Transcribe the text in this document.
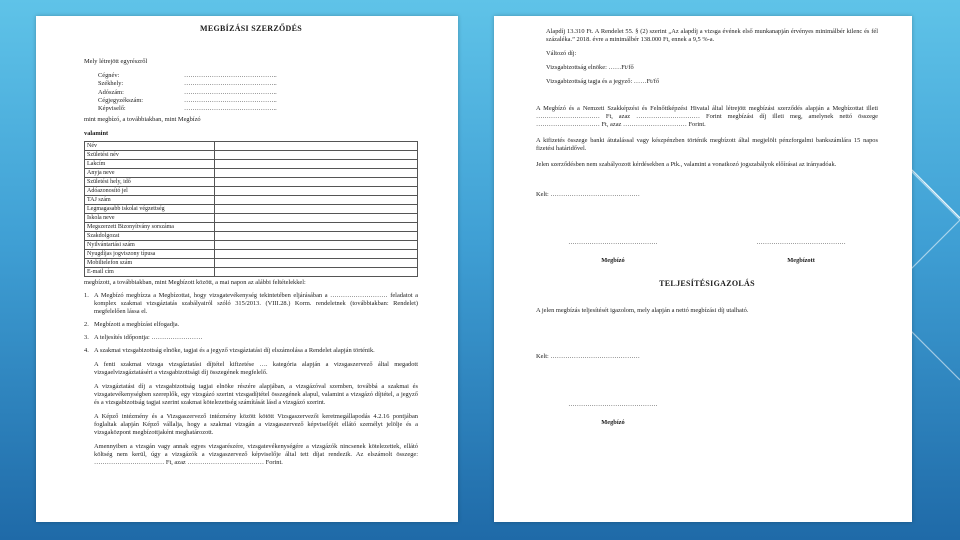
MEGBÍZÁSI SZERZŐDÉS
Mely létrejött egyrészről
Cégnév:	……………………………………..
Székhely:	……………………………………..
Adószám:	……………………………………..
Cégjegyzékszám:	……………………………………..
Képviselő:	……………………………………..
mint megbízó, a továbbiakban, mint Megbízó
valamint
Név	
Születési név	
Lakcím	
Anyja neve	
Születési hely, idő	
Adóazonosító jel	
TAJ szám	
Legmagasabb iskolai végzettség	
Iskola neve	
Megszerzett Bizonyítvány sorszáma	
Szakdolgozat	
Nyilvántartási szám	
Nyugdíjas jogviszony típusa	
Mobiltelefon szám	
E-mail cím	
megbízott, a továbbiakban, mint Megbízott között, a mai napon az alábbi feltételekkel:
1. A Megbízó megbízza a Megbízottat, hogy vizsgatevékenység tekintetében eljárásában a ……………………… feladatot a komplex szakmai vizsgáztatás szabályairól szóló 315/2013. (VIII.28.) Korm. rendeletnek (továbbiakban: Rendelet) megfelelően lássa el.
2. Megbízott a megbízást elfogadja.
3. A teljesítés időpontja: ……………………
4. A szakmai vizsgabizottság elnöke, tagjai és a jegyző vizsgáztatási díj elszámolása a Rendelet alapján történik.
A fenti szakmai vizsga vizsgáztatási díjtétel kifizetése …. kategória alapján a vizsgaszervező által megadott vizsgaelvizsgáztatásért a vizsgabizottsági díj összegének megfelelő.
A vizsgáztatási díj a vizsgabizottság tagjai elnöke részére alapjában, a vizsgázóval szemben, továbbá a szakmai és vizsgatevékenységben szereplők, egy vizsgázó szerint vizsgadíjtétel összegének alapul, valamint a vizsgázó díjtétel, a jegyző és a vizsgabizottság tagjai szerint szakmai kötelezettség számítását lásd a vizsgázó szerint.
A Képző intézmény és a Vizsgaszervező intézmény között kötött Vizsgaszervezői keretmegállapodás 4.2.16 pontjában foglaltak alapján Képző vállalja, hogy a szakmai vizsgán a vizsgaszervező képviselőjét ellátó személyt jelölje és a vizsgaközpont megbízottjaként meghatározott.
Amennyiben a vizsgán vagy annak egyes vizsgarészére, vizsgatevékenységére a vizsgázók nincsenek kötelezettek, ellátó költség nem kerül, úgy a vizsgázók a vizsgaszervező képviselője által tett díjat rendezik. Az elszámolt összege: …………………………… Ft, azaz ……………………………… Forint.
Alapdíj 13.310 Ft. A Rendelet 55. § (2) szerint „Az alapdíj a vizsga évének első munkanapján érvényes minimálbér kilenc és fél százaléka.” 2018. évre a minimálbér 138.000 Ft, ennek a 9,5 %-a.
Változó díj:
Vizsgabizottság elnöke: ……Ft/fő
Vizsgabizottság tagja és a jegyző: ……Ft/fő
A Megbízó és a Nemzeti Szakképzési és Felnőttképzési Hivatal által létrejött megbízási szerződés alapján a Megbízottat illeti ………………………… Ft, azaz ………………………… Forint megbízási díj illeti meg, amelynek nettó összege ………………………… Ft, azaz ………………………… Forint.
A kifizetés összege banki átutalással vagy készpénzben történik megbízott által megjelölt pénzforgalmi bankszámlára 15 napos fizetési határidővel.
Jelen szerződésben nem szabályozott kérdésekben a Ptk., valamint a vonatkozó jogszabályok előírásai az irányadóak.
Kelt: ……………………………………
……………………………………
Megbízó
……………………………………
Megbízott
TELJESÍTÉSIGAZOLÁS
A jelen megbízás teljesítését igazolom, mely alapján a nettó megbízási díj utalható.
Kelt: ……………………………………
……………………………………
Megbízó
